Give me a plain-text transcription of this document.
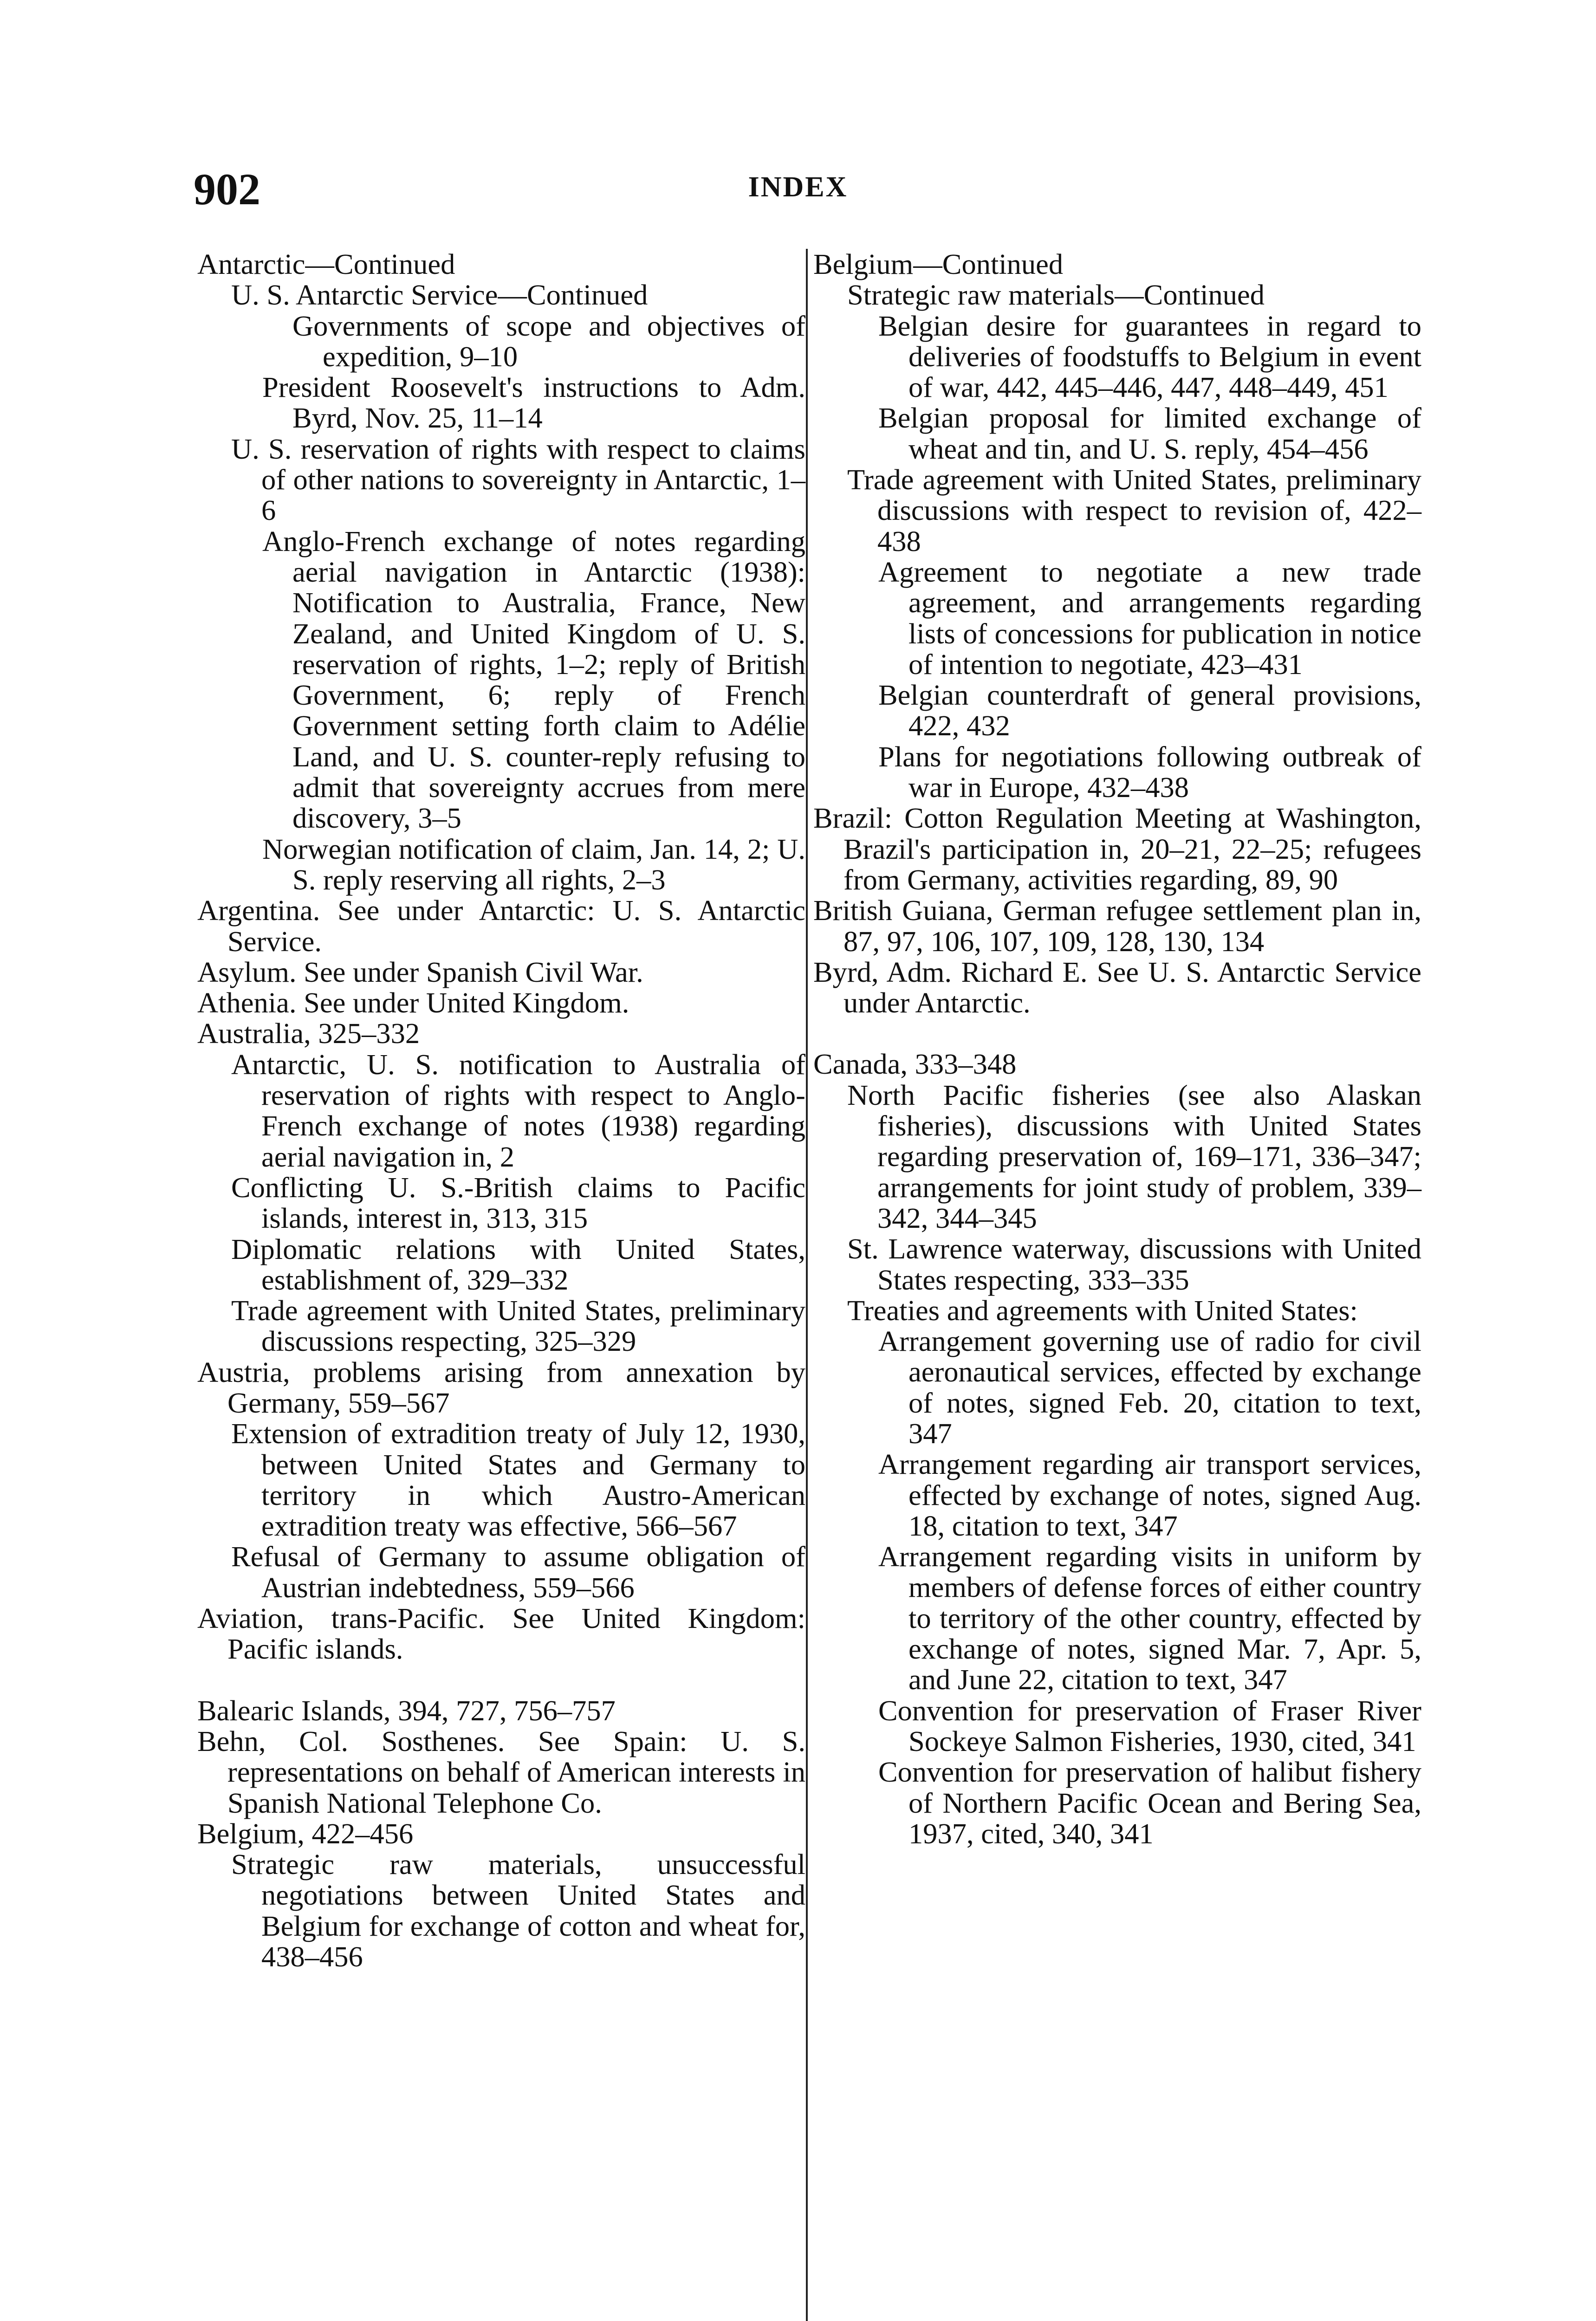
902	INDEX

Antarctic—Continued

U. S. Antarctic Service—Continued

Governments of scope and objectives of expedition, 9–10

President Roosevelt's instructions to Adm. Byrd, Nov. 25, 11–14

U. S. reservation of rights with respect to claims of other nations to sovereignty in Antarctic, 1–6

Anglo-French exchange of notes regarding aerial navigation in Antarctic (1938): Notification to Australia, France, New Zealand, and United Kingdom of U. S. reservation of rights, 1–2; reply of British Government, 6; reply of French Government setting forth claim to Adélie Land, and U. S. counter-reply refusing to admit that sovereignty accrues from mere discovery, 3–5

Norwegian notification of claim, Jan. 14, 2; U. S. reply reserving all rights, 2–3

Argentina. See under Antarctic: U. S. Antarctic Service.

Asylum. See under Spanish Civil War.

Athenia. See under United Kingdom.

Australia, 325–332

Antarctic, U. S. notification to Australia of reservation of rights with respect to Anglo-French exchange of notes (1938) regarding aerial navigation in, 2

Conflicting U. S.-British claims to Pacific islands, interest in, 313, 315

Diplomatic relations with United States, establishment of, 329–332

Trade agreement with United States, preliminary discussions respecting, 325–329

Austria, problems arising from annexation by Germany, 559–567

Extension of extradition treaty of July 12, 1930, between United States and Germany to territory in which Austro-American extradition treaty was effective, 566–567

Refusal of Germany to assume obligation of Austrian indebtedness, 559–566

Aviation, trans-Pacific. See United Kingdom: Pacific islands.

Balearic Islands, 394, 727, 756–757

Behn, Col. Sosthenes. See Spain: U. S. representations on behalf of American interests in Spanish National Telephone Co.

Belgium, 422–456

Strategic raw materials, unsuccessful negotiations between United States and Belgium for exchange of cotton and wheat for, 438–456

Belgium—Continued

Strategic raw materials—Continued

Belgian desire for guarantees in regard to deliveries of foodstuffs to Belgium in event of war, 442, 445–446, 447, 448–449, 451

Belgian proposal for limited exchange of wheat and tin, and U. S. reply, 454–456

Trade agreement with United States, preliminary discussions with respect to revision of, 422–438

Agreement to negotiate a new trade agreement, and arrangements regarding lists of concessions for publication in notice of intention to negotiate, 423–431

Belgian counterdraft of general provisions, 422, 432

Plans for negotiations following outbreak of war in Europe, 432–438

Brazil: Cotton Regulation Meeting at Washington, Brazil's participation in, 20–21, 22–25; refugees from Germany, activities regarding, 89, 90

British Guiana, German refugee settlement plan in, 87, 97, 106, 107, 109, 128, 130, 134

Byrd, Adm. Richard E. See U. S. Antarctic Service under Antarctic.

Canada, 333–348

North Pacific fisheries (see also Alaskan fisheries), discussions with United States regarding preservation of, 169–171, 336–347; arrangements for joint study of problem, 339–342, 344–345

St. Lawrence waterway, discussions with United States respecting, 333–335

Treaties and agreements with United States:

Arrangement governing use of radio for civil aeronautical services, effected by exchange of notes, signed Feb. 20, citation to text, 347

Arrangement regarding air transport services, effected by exchange of notes, signed Aug. 18, citation to text, 347

Arrangement regarding visits in uniform by members of defense forces of either country to territory of the other country, effected by exchange of notes, signed Mar. 7, Apr. 5, and June 22, citation to text, 347

Convention for preservation of Fraser River Sockeye Salmon Fisheries, 1930, cited, 341

Convention for preservation of halibut fishery of Northern Pacific Ocean and Bering Sea, 1937, cited, 340, 341
